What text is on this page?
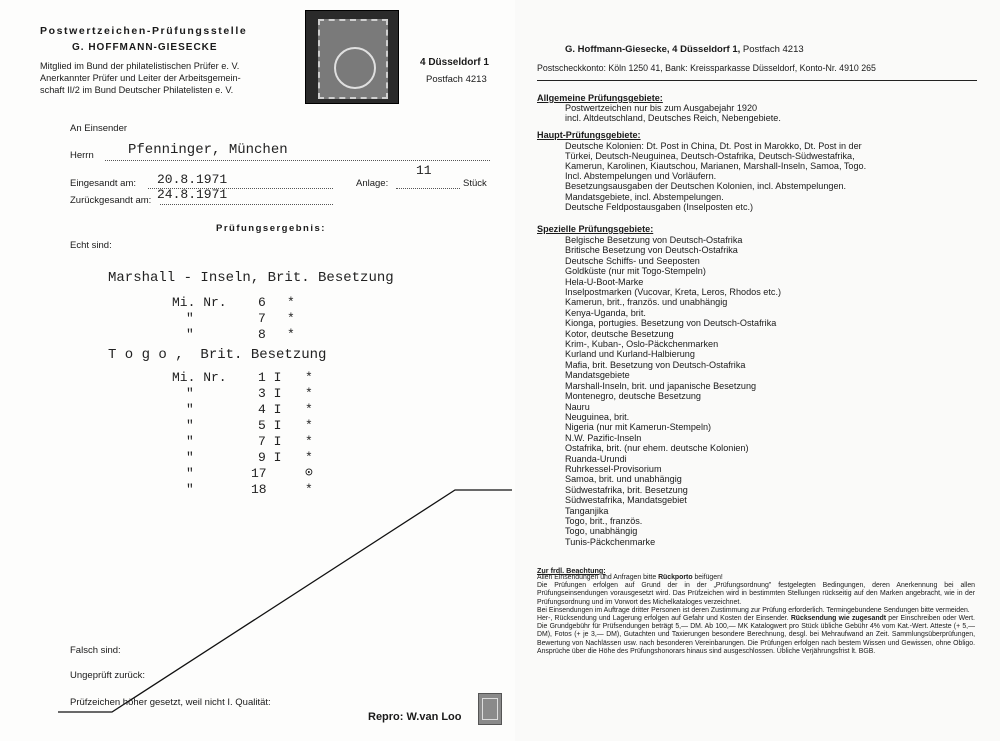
Postwertzeichen-Prüfungsstelle
G. HOFFMANN-GIESECKE
Mitglied im Bund der philatelistischen Prüfer e. V.
Anerkannter Prüfer und Leiter der Arbeitsgemein-
schaft II/2 im Bund Deutscher Philatelisten e. V.
4 Düsseldorf 1
Postfach 4213
An Einsender
Herrn Pfenninger, München
Eingesandt am: 20.8.1971	Anlage:
11
Stück
Zurückgesandt am: 24.8.1971
Prüfungsergebnis:
Echt sind:
Marshall - Inseln, Brit. Besetzung
Mi. Nr. 6 *
"	7 *
"	8 *
T o g o ,  Brit. Besetzung
Mi. Nr. 1 I *
"	3 I *
"	4 I *
"	5 I *
"	7 I *
"	9 I *
"	17	⊙
"	18	*
Falsch sind:
Ungeprüft zurück:
Prüfzeichen höher gesetzt, weil nicht I. Qualität:
Repro: W.van Loo
G. Hoffmann-Giesecke, 4 Düsseldorf 1, Postfach 4213
Postscheckkonto: Köln 1250 41, Bank: Kreissparkasse Düsseldorf, Konto-Nr. 4910 265
Allgemeine Prüfungsgebiete:
Postwertzeichen nur bis zum Ausgabejahr 1920
incl. Altdeutschland, Deutsches Reich, Nebengebiete.
Haupt-Prüfungsgebiete:
Deutsche Kolonien: Dt. Post in China, Dt. Post in Marokko, Dt. Post in der
Türkei, Deutsch-Neuguinea, Deutsch-Ostafrika, Deutsch-Südwestafrika,
Kamerun, Karolinen, Kiautschou, Marianen, Marshall-Inseln, Samoa, Togo.
Incl. Abstempelungen und Vorläufern.
Besetzungsausgaben der Deutschen Kolonien, incl. Abstempelungen.
Mandatsgebiete, incl. Abstempelungen.
Deutsche Feldpostausgaben (Inselposten etc.)
Spezielle Prüfungsgebiete:
Belgische Besetzung von Deutsch-Ostafrika
Britische Besetzung von Deutsch-Ostafrika
Deutsche Schiffs- und Seeposten
Goldküste (nur mit Togo-Stempeln)
Hela-U-Boot-Marke
Inselpostmarken (Vucovar, Kreta, Leros, Rhodos etc.)
Kamerun, brit., französ. und unabhängig
Kenya-Uganda, brit.
Kionga, portugies. Besetzung von Deutsch-Ostafrika
Kotor, deutsche Besetzung
Krim-, Kuban-, Oslo-Päckchenmarken
Kurland und Kurland-Halbierung
Mafia, brit. Besetzung von Deutsch-Ostafrika
Mandatsgebiete
Marshall-Inseln, brit. und japanische Besetzung
Montenegro, deutsche Besetzung
Nauru
Neuguinea, brit.
Nigeria (nur mit Kamerun-Stempeln)
N.W. Pazific-Inseln
Ostafrika, brit. (nur ehem. deutsche Kolonien)
Ruanda-Urundi
Ruhrkessel-Provisorium
Samoa, brit. und unabhängig
Südwestafrika, brit. Besetzung
Südwestafrika, Mandatsgebiet
Tanganjika
Togo, brit., französ.
Togo, unabhängig
Tunis-Päckchenmarke
Zur frdl. Beachtung:
Allen Einsendungen und Anfragen bitte Rückporto beifügen!
Die Prüfungen erfolgen auf Grund der in der „Prüfungsordnung" festgelegten Bedingungen, deren Anerkennung bei allen Prüfungseinsendungen vorausgesetzt wird. Das Prüfzeichen wird in bestimmten Stellungen rückseitig auf den Marken angebracht, wie in der Prüfungsordnung und im Vorwort des Michelkataloges verzeichnet.
Bei Einsendungen im Auftrage dritter Personen ist deren Zustimmung zur Prüfung erforderlich. Termingebundene Sendungen bitte vermeiden.
Her-, Rücksendung und Lagerung erfolgen auf Gefahr und Kosten der Einsender. Rücksendung wie zugesandt per Einschreiben oder Wert. Die Grundgebühr für Prüfsendungen beträgt 5,— DM. Ab 100,— MK Katalogwert pro Stück übliche Gebühr 4% vom Kat.-Wert. Atteste (+ 5,— DM), Fotos (+ je 3,— DM), Gutachten und Taxierungen besondere Berechnung, desgl. bei Mehraufwand an Zeit. Sammlungsüberprüfungen, Bewertung von Nachlässen usw. nach besonderen Vereinbarungen. Die Prüfungen erfolgen nach bestem Wissen und Gewissen, ohne Obligo. Ansprüche über die Höhe des Prüfungshonorars hinaus sind ausgeschlossen. Übliche Verjährungsfrist lt. BGB.
